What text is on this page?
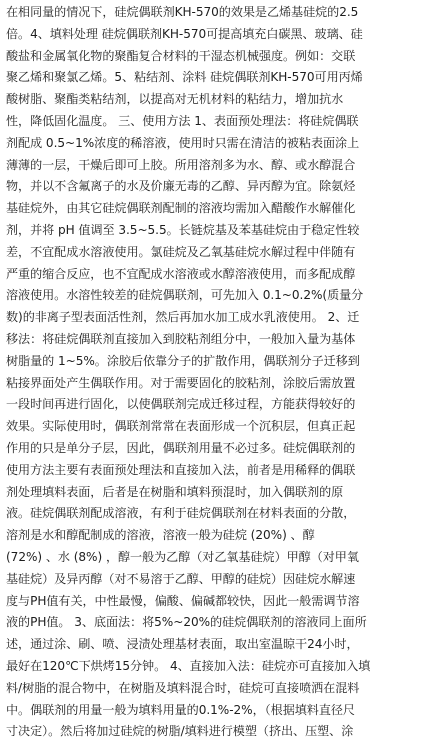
在相同量的情况下，硅烷偶联剂KH-570的效果是乙烯基硅烷的2.5
倍。4、填料处理 硅烷偶联剂KH-570可提高填充白碳黑、玻璃、硅
酸盐和金属氧化物的聚酯复合材料的干湿态机械强度。例如：交联
聚乙烯和聚氯乙烯。5、粘结剂、涂料 硅烷偶联剂KH-570可用丙烯
酸树脂、聚酯类粘结剂，以提高对无机材料的粘结力，增加抗水
性，降低固化温度。 三、使用方法 1、表面预处理法：将硅烷偶联
剂配成 0.5~1%浓度的稀溶液，使用时只需在清洁的被粘表面涂上
薄薄的一层，干燥后即可上胶。所用溶剂多为水、醇、或水醇混合
物，并以不含氟离子的水及价廉无毒的乙醇、异丙醇为宜。除氨烃
基硅烷外，由其它硅烷偶联剂配制的溶液均需加入醋酸作水解催化
剂，并将 pH 值调至 3.5~5.5。长链烷基及苯基硅烷由于稳定性较
差，不宜配成水溶液使用。氯硅烷及乙氧基硅烷水解过程中伴随有
严重的缩合反应，也不宜配成水溶液或水醇溶液使用，而多配成醇
溶液使用。水溶性较差的硅烷偶联剂，可先加入 0.1~0.2%(质量分
数)的非离子型表面活性剂，然后再加水加工成水乳液使用。 2、迁
移法：将硅烷偶联剂直接加入到胶粘剂组分中，一般加入量为基体
树脂量的 1~5%。涂胶后依靠分子的扩散作用，偶联剂分子迁移到
粘接界面处产生偶联作用。对于需要固化的胶粘剂，涂胶后需放置
一段时间再进行固化，以使偶联剂完成迁移过程，方能获得较好的
效果。实际使用时，偶联剂常常在表面形成一个沉积层，但真正起
作用的只是单分子层，因此，偶联剂用量不必过多。硅烷偶联剂的
使用方法主要有表面预处理法和直接加入法，前者是用稀释的偶联
剂处理填料表面，后者是在树脂和填料预混时，加入偶联剂的原
液。硅烷偶联剂配成溶液，有利于硅烷偶联剂在材料表面的分散，
溶剂是水和醇配制成的溶液，溶液一般为硅烷 (20%) 、醇
(72%) 、水 (8%) ，醇一般为乙醇（对乙氧基硅烷）甲醇（对甲氧
基硅烷）及异丙醇（对不易溶于乙醇、甲醇的硅烷）因硅烷水解速
度与PH值有关，中性最慢，偏酸、偏碱都较快，因此一般需调节溶
液的PH值。 3、底面法：将5%~20%的硅烷偶联剂的溶液同上面所
述，通过涂、刷、喷、浸渍处理基材表面，取出室温晾干24小时，
最好在120℃下烘烤15分钟。 4、直接加入法：硅烷亦可直接加入填
料/树脂的混合物中，在树脂及填料混合时，硅烷可直接喷洒在混料
中。偶联剂的用量一般为填料用量的0.1%-2%，（根据填料直径尺
寸决定）。然后将加过硅烷的树脂/填料进行模塑（挤出、压塑、涂
